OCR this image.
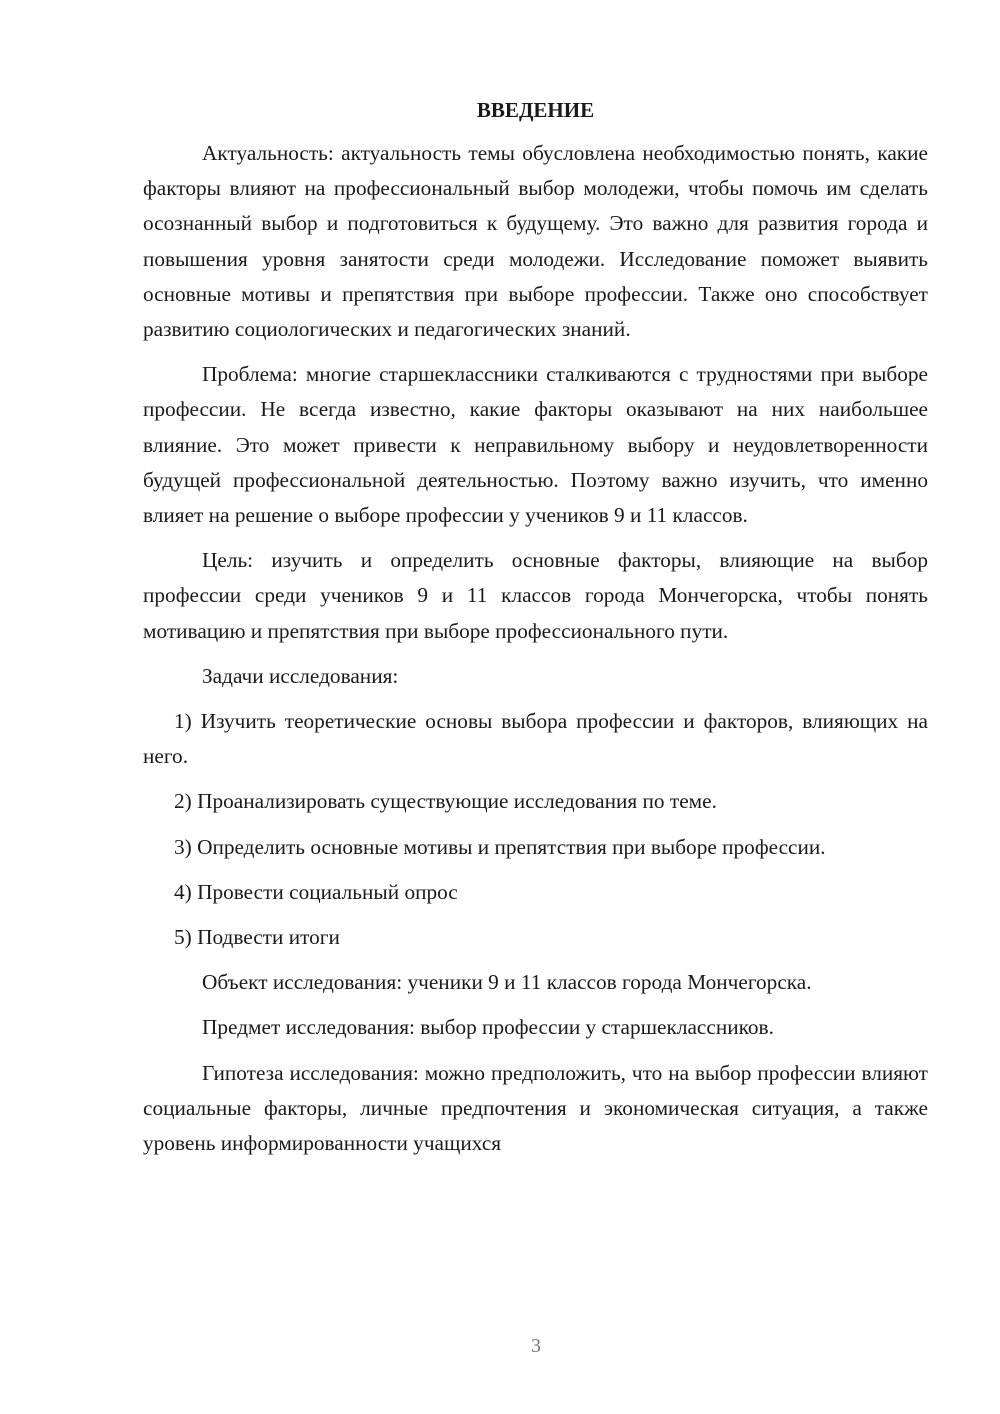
ВВЕДЕНИЕ

Актуальность: актуальность темы обусловлена необходимостью понять, какие факторы влияют на профессиональный выбор молодежи, чтобы помочь им сделать осознанный выбор и подготовиться к будущему. Это важно для развития города и повышения уровня занятости среди молодежи. Исследование поможет выявить основные мотивы и препятствия при выборе профессии. Также оно способствует развитию социологических и педагогических знаний.

Проблема: многие старшеклассники сталкиваются с трудностями при выборе профессии. Не всегда известно, какие факторы оказывают на них наибольшее влияние. Это может привести к неправильному выбору и неудовлетворенности будущей профессиональной деятельностью. Поэтому важно изучить, что именно влияет на решение о выборе профессии у учеников 9 и 11 классов.

Цель: изучить и определить основные факторы, влияющие на выбор профессии среди учеников 9 и 11 классов города Мончегорска, чтобы понять мотивацию и препятствия при выборе профессионального пути.

Задачи исследования:

1) Изучить теоретические основы выбора профессии и факторов, влияющих на него.

2) Проанализировать существующие исследования по теме.

3) Определить основные мотивы и препятствия при выборе профессии.

4) Провести социальный опрос

5) Подвести итоги

Объект исследования: ученики 9 и 11 классов города Мончегорска.

Предмет исследования: выбор профессии у старшеклассников.

Гипотеза исследования: можно предположить, что на выбор профессии влияют социальные факторы, личные предпочтения и экономическая ситуация, а также уровень информированности учащихся

3
